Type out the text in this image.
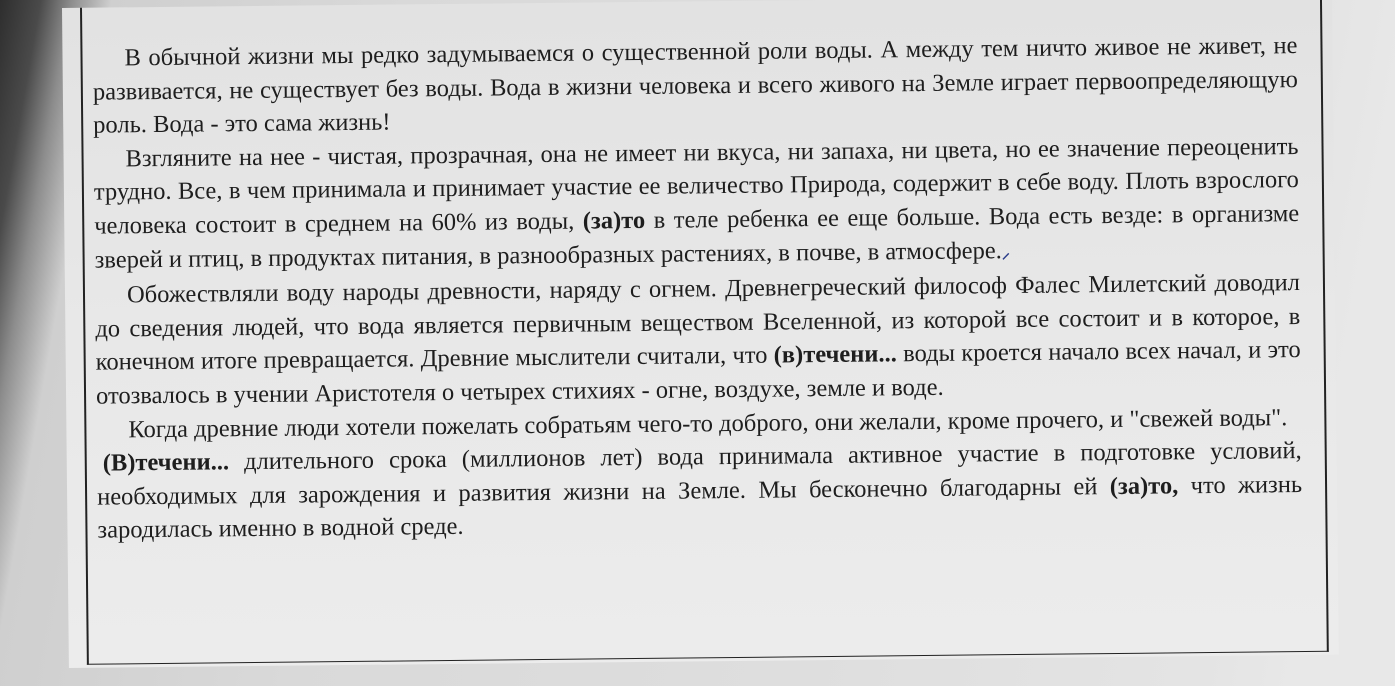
В обычной жизни мы редко задумываемся о существенной роли воды. А между тем ничто живое не живет, не развивается, не существует без воды. Вода в жизни человека и всего живого на Земле играет первоопределяющую роль. Вода - это сама жизнь!

Взгляните на нее - чистая, прозрачная, она не имеет ни вкуса, ни запаха, ни цвета, но ее значение переоценить трудно. Все, в чем принимала и принимает участие ее величество Природа, содержит в себе воду. Плоть взрослого человека состоит в среднем на 60% из воды, (за)то в теле ребенка ее еще больше. Вода есть везде: в организме зверей и птиц, в продуктах питания, в разнообразных растениях, в почве, в атмосфере.⸝

Обожествляли воду народы древности, наряду с огнем. Древнегреческий философ Фалес Милетский доводил до сведения людей, что вода является первичным веществом Вселенной, из которой все состоит и в которое, в конечном итоге превращается. Древние мыслители считали, что (в)течени... воды кроется начало всех начал, и это отозвалось в учении Аристотеля о четырех стихиях - огне, воздухе, земле и воде.

Когда древние люди хотели пожелать собратьям чего-то доброго, они желали, кроме прочего, и "свежей воды".

(В)течени... длительного срока (миллионов лет) вода принимала активное участие в подготовке условий, необходимых для зарождения и развития жизни на Земле. Мы бесконечно благодарны ей (за)то, что жизнь зародилась именно в водной среде.
